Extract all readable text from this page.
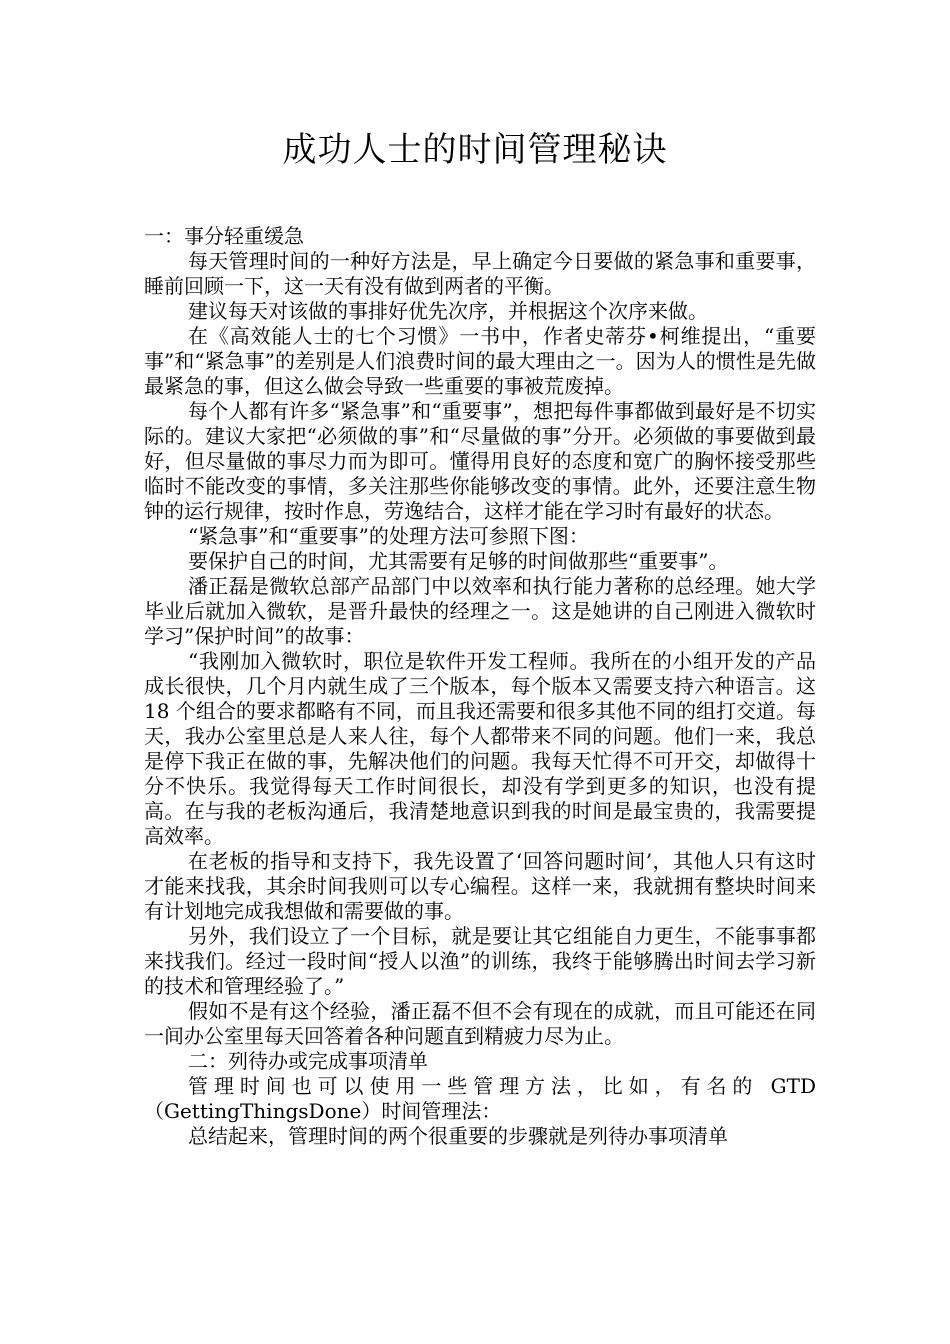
成功人士的时间管理秘诀

一：事分轻重缓急

每天管理时间的一种好方法是，早上确定今日要做的紧急事和重要事，睡前回顾一下，这一天有没有做到两者的平衡。

建议每天对该做的事排好优先次序，并根据这个次序来做。

在《高效能人士的七个习惯》一书中，作者史蒂芬•柯维提出，“重要事”和“紧急事”的差别是人们浪费时间的最大理由之一。因为人的惯性是先做最紧急的事，但这么做会导致一些重要的事被荒废掉。

每个人都有许多“紧急事”和“重要事”，想把每件事都做到最好是不切实际的。建议大家把“必须做的事”和“尽量做的事”分开。必须做的事要做到最好，但尽量做的事尽力而为即可。懂得用良好的态度和宽广的胸怀接受那些临时不能改变的事情，多关注那些你能够改变的事情。此外，还要注意生物钟的运行规律，按时作息，劳逸结合，这样才能在学习时有最好的状态。

“紧急事”和“重要事”的处理方法可参照下图：

要保护自己的时间，尤其需要有足够的时间做那些“重要事”。

潘正磊是微软总部产品部门中以效率和执行能力著称的总经理。她大学毕业后就加入微软，是晋升最快的经理之一。这是她讲的自己刚进入微软时学习”保护时间”的故事：

“我刚加入微软时，职位是软件开发工程师。我所在的小组开发的产品成长很快，几个月内就生成了三个版本，每个版本又需要支持六种语言。这 18 个组合的要求都略有不同，而且我还需要和很多其他不同的组打交道。每天，我办公室里总是人来人往，每个人都带来不同的问题。他们一来，我总是停下我正在做的事，先解决他们的问题。我每天忙得不可开交，却做得十分不快乐。我觉得每天工作时间很长，却没有学到更多的知识，也没有提高。在与我的老板沟通后，我清楚地意识到我的时间是最宝贵的，我需要提高效率。

在老板的指导和支持下，我先设置了‘回答问题时间’，其他人只有这时才能来找我，其余时间我则可以专心编程。这样一来，我就拥有整块时间来有计划地完成我想做和需要做的事。

另外，我们设立了一个目标，就是要让其它组能自力更生，不能事事都来找我们。经过一段时间“授人以渔”的训练，我终于能够腾出时间去学习新的技术和管理经验了。”

假如不是有这个经验，潘正磊不但不会有现在的成就，而且可能还在同一间办公室里每天回答着各种问题直到精疲力尽为止。

二：列待办或完成事项清单

管理时间也可以使用一些管理方法，比如，有名的 GTD（GettingThingsDone）时间管理法：

总结起来，管理时间的两个很重要的步骤就是列待办事项清单
